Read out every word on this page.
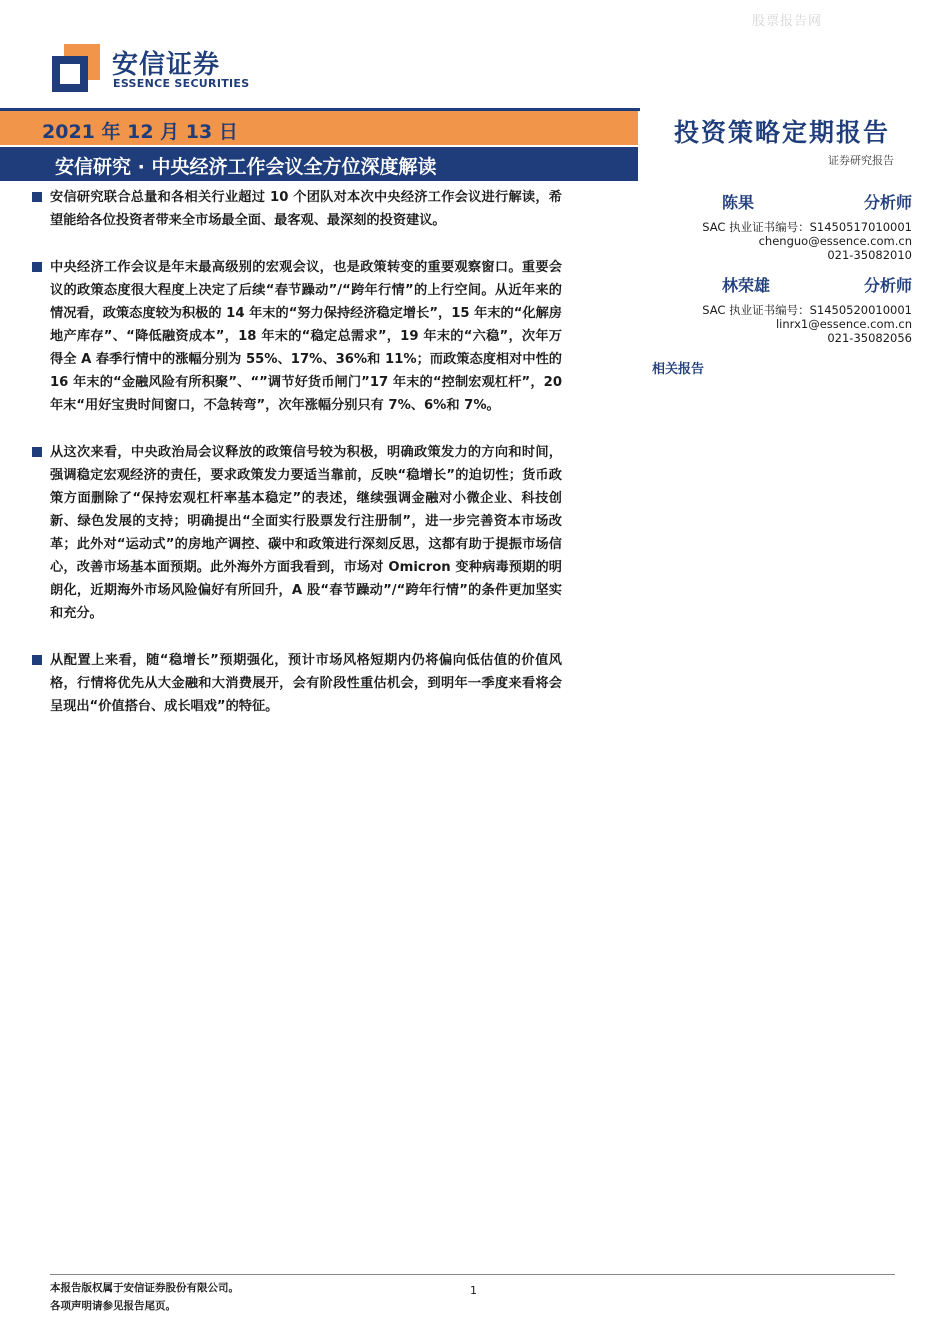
股票报告网
安信证券
ESSENCE SECURITIES
投资策略定期报告
证券研究报告
2021 年 12 月 13 日
安信研究 · 中央经济工作会议全方位深度解读
陈果	分析师
SAC 执业证书编号：S1450517010001
chenguo@essence.com.cn
021-35082010
林荣雄	分析师
SAC 执业证书编号：S1450520010001
linrx1@essence.com.cn
021-35082056
相关报告

安信研究联合总量和各相关行业超过 10 个团队对本次中央经济工作会议进行解读，希望能给各位投资者带来全市场最全面、最客观、最深刻的投资建议。

中央经济工作会议是年末最高级别的宏观会议，也是政策转变的重要观察窗口。重要会议的政策态度很大程度上决定了后续“春节躁动”/“跨年行情”的上行空间。从近年来的情况看，政策态度较为积极的 14 年末的“努力保持经济稳定增长”，15 年末的“化解房地产库存”、“降低融资成本”，18 年末的“稳定总需求”，19 年末的“六稳”，次年万得全 A 春季行情中的涨幅分别为 55%、17%、36%和 11%；而政策态度相对中性的 16 年末的“金融风险有所积聚”、“”调节好货币闸门”17 年末的“控制宏观杠杆”，20 年末“用好宝贵时间窗口，不急转弯”，次年涨幅分别只有 7%、6%和 7%。

从这次来看，中央政治局会议释放的政策信号较为积极，明确政策发力的方向和时间，强调稳定宏观经济的责任，要求政策发力要适当靠前，反映“稳增长”的迫切性；货币政策方面删除了“保持宏观杠杆率基本稳定”的表述，继续强调金融对小微企业、科技创新、绿色发展的支持；明确提出“全面实行股票发行注册制”，进一步完善资本市场改革；此外对“运动式”的房地产调控、碳中和政策进行深刻反思，这都有助于提振市场信心，改善市场基本面预期。此外海外方面我看到，市场对 Omicron 变种病毒预期的明朗化，近期海外市场风险偏好有所回升，A 股“春节躁动”/“跨年行情”的条件更加坚实和充分。

从配置上来看，随“稳增长”预期强化，预计市场风格短期内仍将偏向低估值的价值风格，行情将优先从大金融和大消费展开，会有阶段性重估机会，到明年一季度来看将会呈现出“价值搭台、成长唱戏”的特征。

本报告版权属于安信证券股份有限公司。
各项声明请参见报告尾页。
1
